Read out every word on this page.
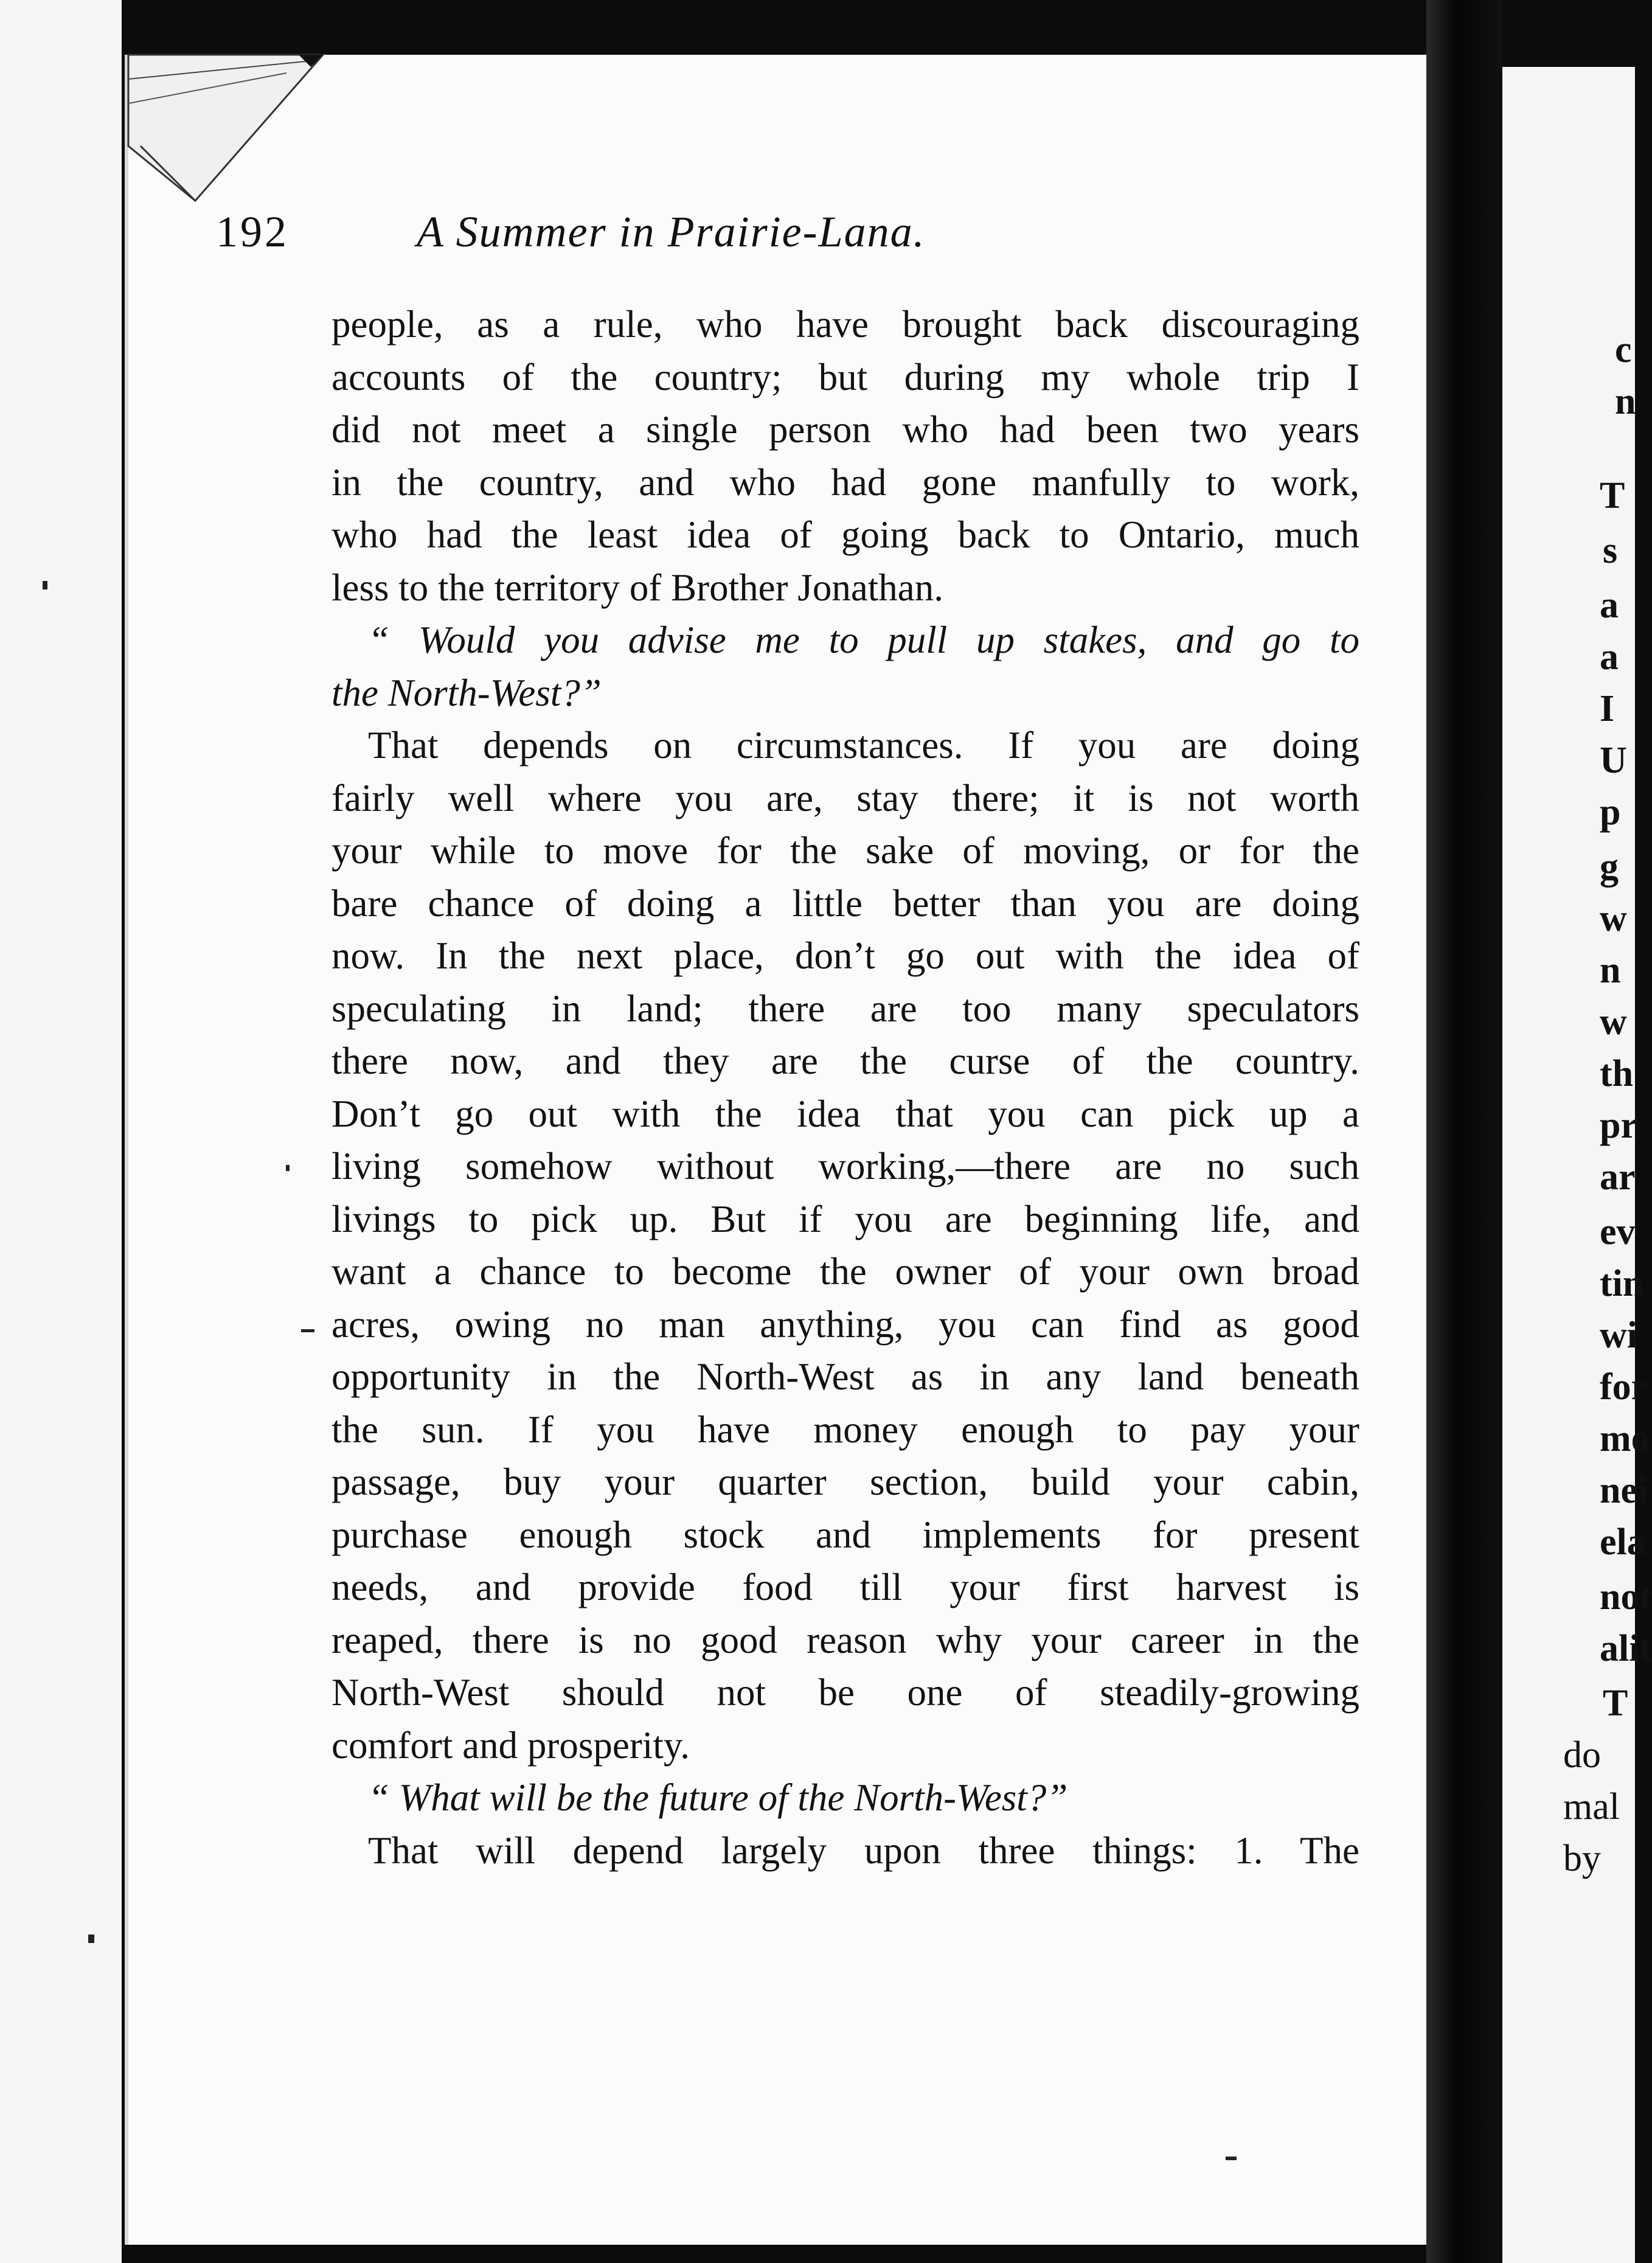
c
n
T
s
a
a
I
U
p
g
w
n
w
th
pr
ar
ev
tin
wi
for
mo
nei
ela
not
alit
T
do
mal
by
192	A Summer in Prairie-Lana.
people, as a rule, who have brought back discouraging
accounts of the country; but during my whole trip I
did not meet a single person who had been two years
in the country, and who had gone manfully to work,
who had the least idea of going back to Ontario, much
less to the territory of Brother Jonathan.
“ Would you advise me to pull up stakes, and go to
the North-West?”
That depends on circumstances. If you are doing
fairly well where you are, stay there; it is not worth
your while to move for the sake of moving, or for the
bare chance of doing a little better than you are doing
now. In the next place, don’t go out with the idea of
speculating in land; there are too many speculators
there now, and they are the curse of the country.
Don’t go out with the idea that you can pick up a
living somehow without working,—there are no such
livings to pick up. But if you are beginning life, and
want a chance to become the owner of your own broad
acres, owing no man anything, you can find as good
opportunity in the North-West as in any land beneath
the sun. If you have money enough to pay your
passage, buy your quarter section, build your cabin,
purchase enough stock and implements for present
needs, and provide food till your first harvest is
reaped, there is no good reason why your career in the
North-West should not be one of steadily-growing
comfort and prosperity.
“ What will be the future of the North-West?”
That will depend largely upon three things: 1. The
